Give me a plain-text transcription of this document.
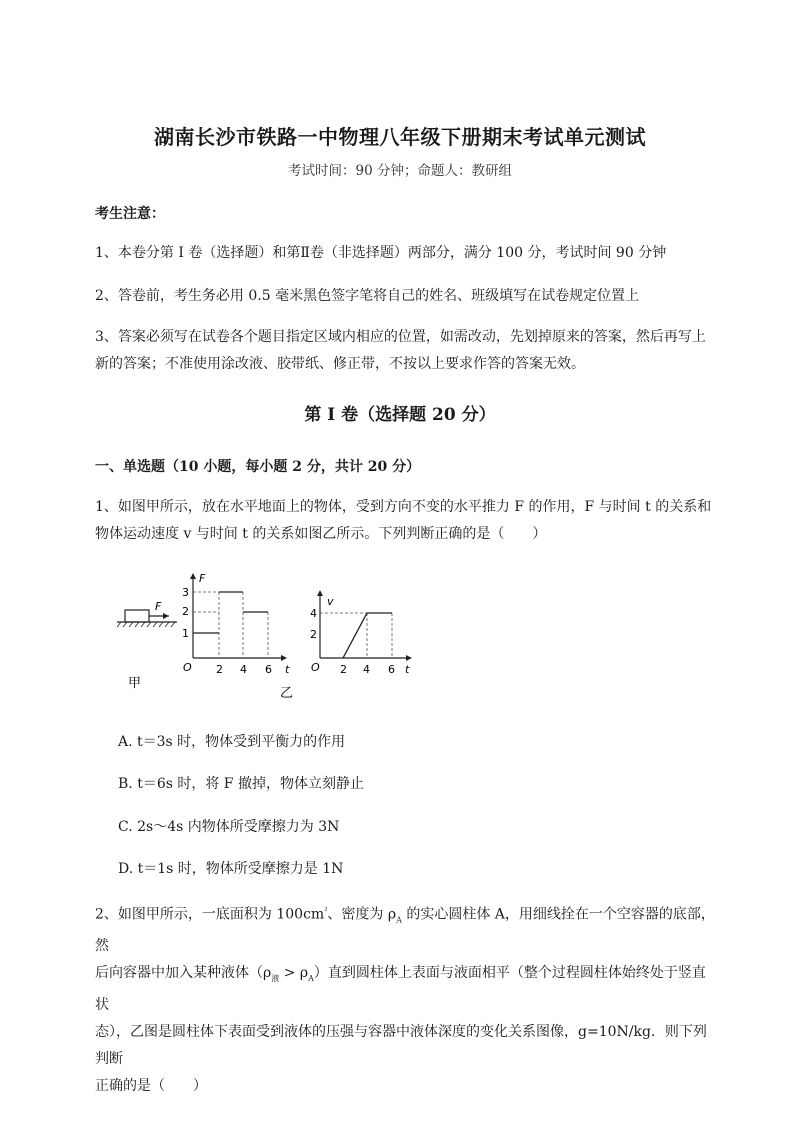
湖南长沙市铁路一中物理八年级下册期末考试单元测试
考试时间：90 分钟；命题人：教研组
考生注意：
1、本卷分第 I 卷（选择题）和第Ⅱ卷（非选择题）两部分，满分 100 分，考试时间 90 分钟
2、答卷前，考生务必用 0.5 毫米黑色签字笔将自己的姓名、班级填写在试卷规定位置上
3、答案必须写在试卷各个题目指定区域内相应的位置，如需改动，先划掉原来的答案，然后再写上新的答案；不准使用涂改液、胶带纸、修正带，不按以上要求作答的答案无效。
第 I 卷（选择题 20 分）
一、单选题（10 小题，每小题 2 分，共计 20 分）
1、如图甲所示，放在水平地面上的物体，受到方向不变的水平推力 F 的作用，F 与时间 t 的关系和物体运动速度 v 与时间 t 的关系如图乙所示。下列判断正确的是（　　）
F
甲
F
t
O
1
2
3
2 4 6
乙
v
t
O
2
4
2 4 6
A. t＝3s 时，物体受到平衡力的作用
B. t＝6s 时，将 F 撤掉，物体立刻静止
C. 2s～4s 内物体所受摩擦力为 3N
D. t＝1s 时，物体所受摩擦力是 1N
2、如图甲所示，一底面积为 $100cm^{^2}$、密度为 $\rho_A$ 的实心圆柱体 A，用细线拴在一个空容器的底部，然
后向容器中加入某种液体$(\rho_液 > \rho_A)$直到圆柱体上表面与液面相平（整个过程圆柱体始终处于竖直状
态），乙图是圆柱体下表面受到液体的压强与容器中液体深度的变化关系图像，g=10N/kg．则下列判断
正确的是（　　）
